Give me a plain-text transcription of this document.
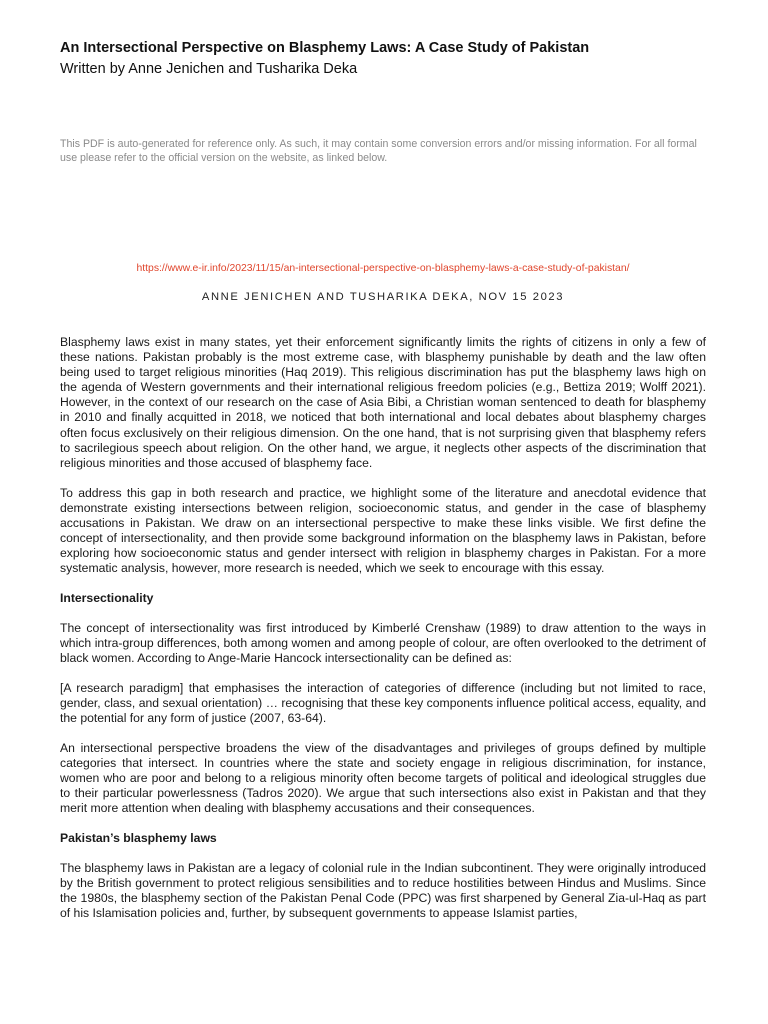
An Intersectional Perspective on Blasphemy Laws: A Case Study of Pakistan
Written by Anne Jenichen and Tusharika Deka
This PDF is auto-generated for reference only. As such, it may contain some conversion errors and/or missing information. For all formal use please refer to the official version on the website, as linked below.
https://www.e-ir.info/2023/11/15/an-intersectional-perspective-on-blasphemy-laws-a-case-study-of-pakistan/
ANNE JENICHEN AND TUSHARIKA DEKA, NOV 15 2023

Blasphemy laws exist in many states, yet their enforcement significantly limits the rights of citizens in only a few of these nations. Pakistan probably is the most extreme case, with blasphemy punishable by death and the law often being used to target religious minorities (Haq 2019). This religious discrimination has put the blasphemy laws high on the agenda of Western governments and their international religious freedom policies (e.g., Bettiza 2019; Wolff 2021). However, in the context of our research on the case of Asia Bibi, a Christian woman sentenced to death for blasphemy in 2010 and finally acquitted in 2018, we noticed that both international and local debates about blasphemy charges often focus exclusively on their religious dimension. On the one hand, that is not surprising given that blasphemy refers to sacrilegious speech about religion. On the other hand, we argue, it neglects other aspects of the discrimination that religious minorities and those accused of blasphemy face.

To address this gap in both research and practice, we highlight some of the literature and anecdotal evidence that demonstrate existing intersections between religion, socioeconomic status, and gender in the case of blasphemy accusations in Pakistan. We draw on an intersectional perspective to make these links visible. We first define the concept of intersectionality, and then provide some background information on the blasphemy laws in Pakistan, before exploring how socioeconomic status and gender intersect with religion in blasphemy charges in Pakistan. For a more systematic analysis, however, more research is needed, which we seek to encourage with this essay.

Intersectionality

The concept of intersectionality was first introduced by Kimberlé Crenshaw (1989) to draw attention to the ways in which intra-group differences, both among women and among people of colour, are often overlooked to the detriment of black women. According to Ange-Marie Hancock intersectionality can be defined as:

[A research paradigm] that emphasises the interaction of categories of difference (including but not limited to race, gender, class, and sexual orientation) … recognising that these key components influence political access, equality, and the potential for any form of justice (2007, 63-64).

An intersectional perspective broadens the view of the disadvantages and privileges of groups defined by multiple categories that intersect. In countries where the state and society engage in religious discrimination, for instance, women who are poor and belong to a religious minority often become targets of political and ideological struggles due to their particular powerlessness (Tadros 2020). We argue that such intersections also exist in Pakistan and that they merit more attention when dealing with blasphemy accusations and their consequences.

Pakistan’s blasphemy laws

The blasphemy laws in Pakistan are a legacy of colonial rule in the Indian subcontinent. They were originally introduced by the British government to protect religious sensibilities and to reduce hostilities between Hindus and Muslims. Since the 1980s, the blasphemy section of the Pakistan Penal Code (PPC) was first sharpened by General Zia-ul-Haq as part of his Islamisation policies and, further, by subsequent governments to appease Islamist parties,
